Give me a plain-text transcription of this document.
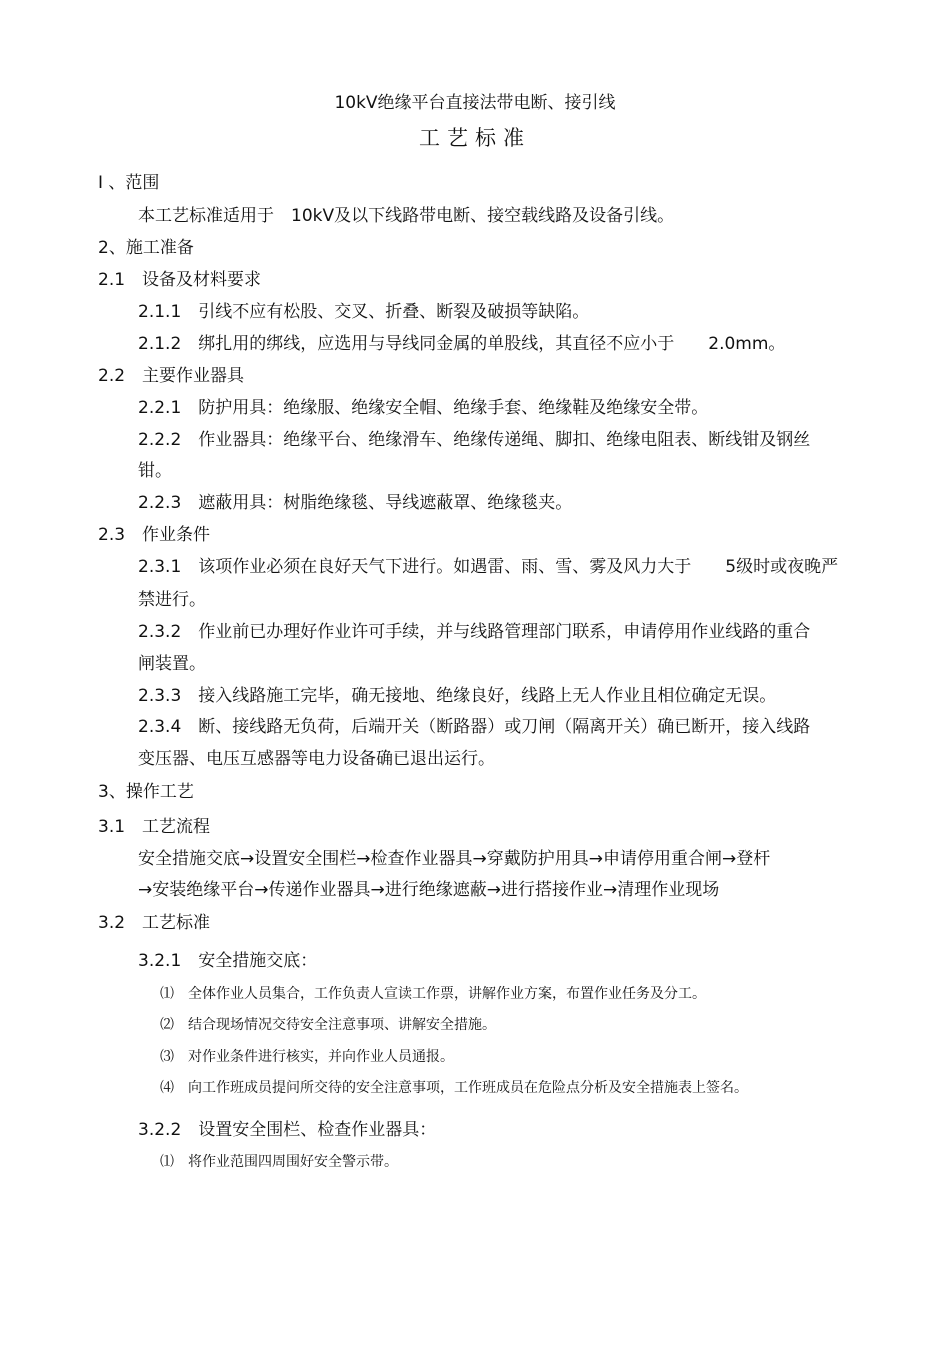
10kV绝缘平台直接法带电断、接引线
工艺标准
I 、范围
本工艺标准适用于　10kV及以下线路带电断、接空载线路及设备引线。
2、施工准备
2.1　设备及材料要求
2.1.1　引线不应有松股、交叉、折叠、断裂及破损等缺陷。
2.1.2　绑扎用的绑线，应选用与导线同金属的单股线，其直径不应小于　　2.0mm。
2.2　主要作业器具
2.2.1　防护用具：绝缘服、绝缘安全帽、绝缘手套、绝缘鞋及绝缘安全带。
2.2.2　作业器具：绝缘平台、绝缘滑车、绝缘传递绳、脚扣、绝缘电阻表、断线钳及钢丝
钳。
2.2.3　遮蔽用具：树脂绝缘毯、导线遮蔽罩、绝缘毯夹。
2.3　作业条件
2.3.1　该项作业必须在良好天气下进行。如遇雷、雨、雪、雾及风力大于　　5级时或夜晚严
禁进行。
2.3.2　作业前已办理好作业许可手续，并与线路管理部门联系，申请停用作业线路的重合
闸装置。
2.3.3　接入线路施工完毕，确无接地、绝缘良好，线路上无人作业且相位确定无误。
2.3.4　断、接线路无负荷，后端开关（断路器）或刀闸（隔离开关）确已断开，接入线路
变压器、电压互感器等电力设备确已退出运行。
3、操作工艺
3.1　工艺流程
安全措施交底→设置安全围栏→检查作业器具→穿戴防护用具→申请停用重合闸→登杆
→安装绝缘平台→传递作业器具→进行绝缘遮蔽→进行搭接作业→清理作业现场
3.2　工艺标准
3.2.1　安全措施交底：
⑴　全体作业人员集合，工作负责人宣读工作票，讲解作业方案，布置作业任务及分工。
⑵　结合现场情况交待安全注意事项、讲解安全措施。
⑶　对作业条件进行核实，并向作业人员通报。
⑷　向工作班成员提问所交待的安全注意事项，工作班成员在危险点分析及安全措施表上签名。
3.2.2　设置安全围栏、检查作业器具：
⑴　将作业范围四周围好安全警示带。
